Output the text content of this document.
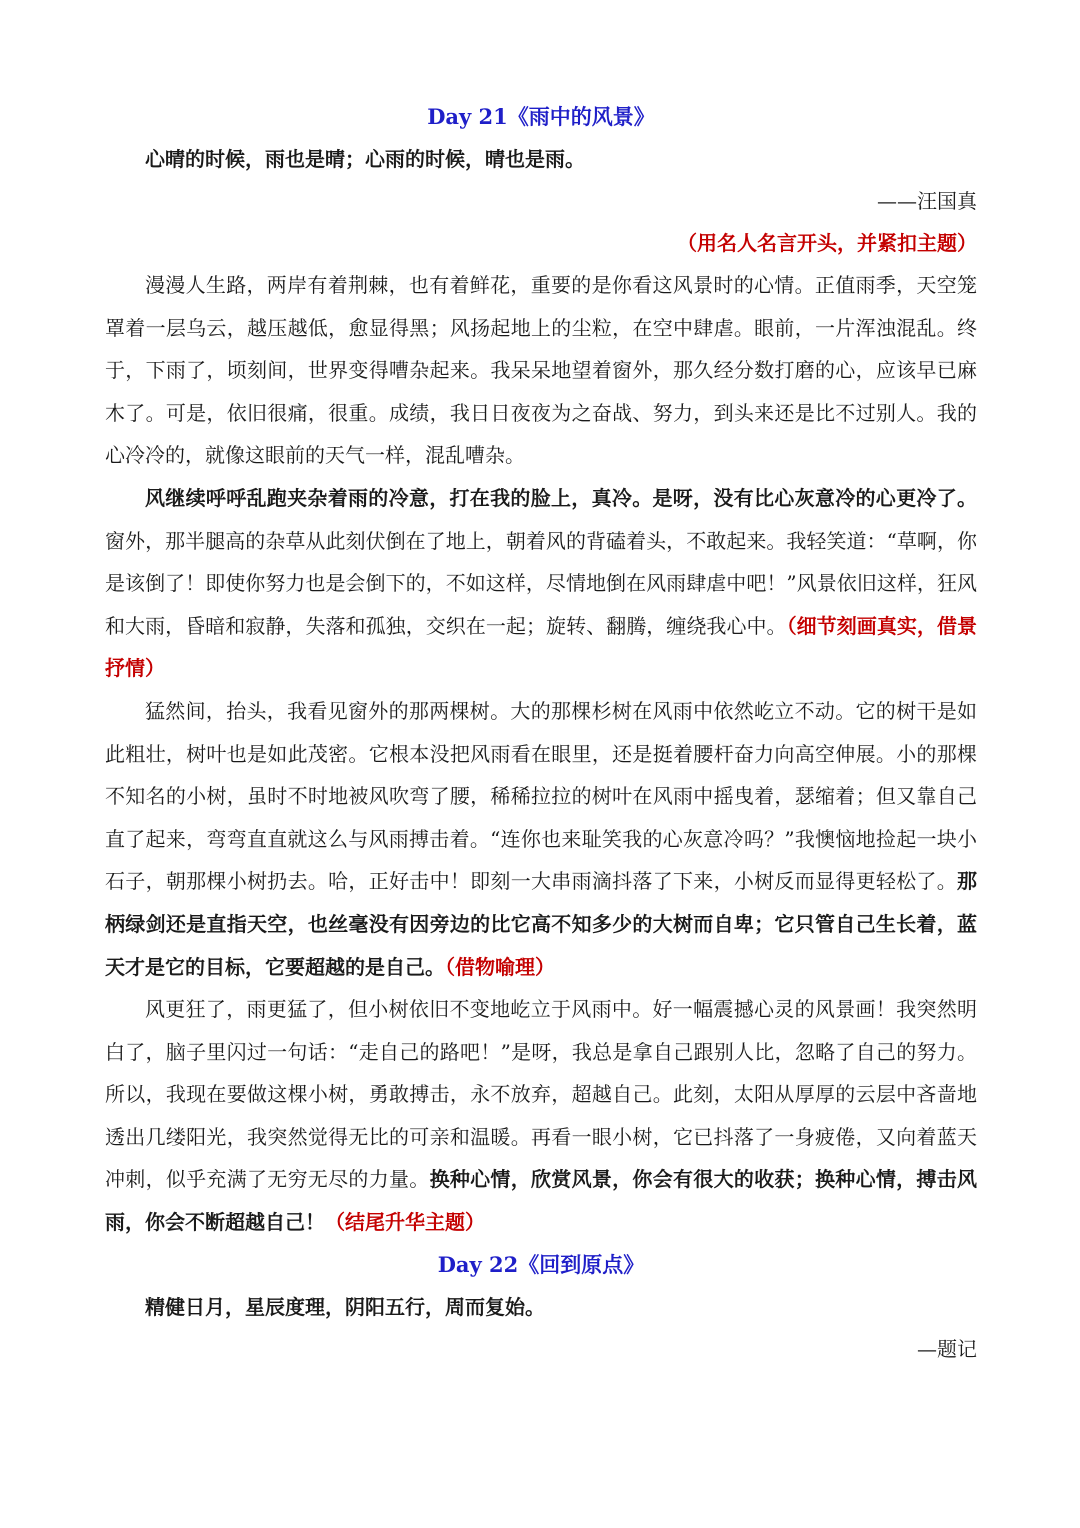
Day 21《雨中的风景》

心晴的时候，雨也是晴；心雨的时候，晴也是雨。

——汪国真

（用名人名言开头，并紧扣主题）

漫漫人生路，两岸有着荆棘，也有着鲜花，重要的是你看这风景时的心情。正值雨季，天空笼罩着一层乌云，越压越低，愈显得黑；风扬起地上的尘粒，在空中肆虐。眼前，一片浑浊混乱。终于，下雨了，顷刻间，世界变得嘈杂起来。我呆呆地望着窗外，那久经分数打磨的心，应该早已麻木了。可是，依旧很痛，很重。成绩，我日日夜夜为之奋战、努力，到头来还是比不过别人。我的心冷冷的，就像这眼前的天气一样，混乱嘈杂。

风继续呼呼乱跑夹杂着雨的冷意，打在我的脸上，真冷。是呀，没有比心灰意冷的心更冷了。窗外，那半腿高的杂草从此刻伏倒在了地上，朝着风的背磕着头，不敢起来。我轻笑道：“草啊，你是该倒了！即使你努力也是会倒下的，不如这样，尽情地倒在风雨肆虐中吧！”风景依旧这样，狂风和大雨，昏暗和寂静，失落和孤独，交织在一起；旋转、翻腾，缠绕我心中。（细节刻画真实，借景抒情）

猛然间，抬头，我看见窗外的那两棵树。大的那棵杉树在风雨中依然屹立不动。它的树干是如此粗壮，树叶也是如此茂密。它根本没把风雨看在眼里，还是挺着腰杆奋力向高空伸展。小的那棵不知名的小树，虽时不时地被风吹弯了腰，稀稀拉拉的树叶在风雨中摇曳着，瑟缩着；但又靠自己直了起来，弯弯直直就这么与风雨搏击着。“连你也来耻笑我的心灰意冷吗？”我懊恼地捡起一块小石子，朝那棵小树扔去。哈，正好击中！即刻一大串雨滴抖落了下来，小树反而显得更轻松了。那柄绿剑还是直指天空，也丝毫没有因旁边的比它高不知多少的大树而自卑；它只管自己生长着，蓝天才是它的目标，它要超越的是自己。（借物喻理）

风更狂了，雨更猛了，但小树依旧不变地屹立于风雨中。好一幅震撼心灵的风景画！我突然明白了，脑子里闪过一句话：“走自己的路吧！”是呀，我总是拿自己跟别人比，忽略了自己的努力。所以，我现在要做这棵小树，勇敢搏击，永不放弃，超越自己。此刻，太阳从厚厚的云层中吝啬地透出几缕阳光，我突然觉得无比的可亲和温暖。再看一眼小树，它已抖落了一身疲倦，又向着蓝天冲刺，似乎充满了无穷无尽的力量。换种心情，欣赏风景，你会有很大的收获；换种心情，搏击风雨，你会不断超越自己！（结尾升华主题）

Day 22《回到原点》

精健日月，星辰度理，阴阳五行，周而复始。

—题记
